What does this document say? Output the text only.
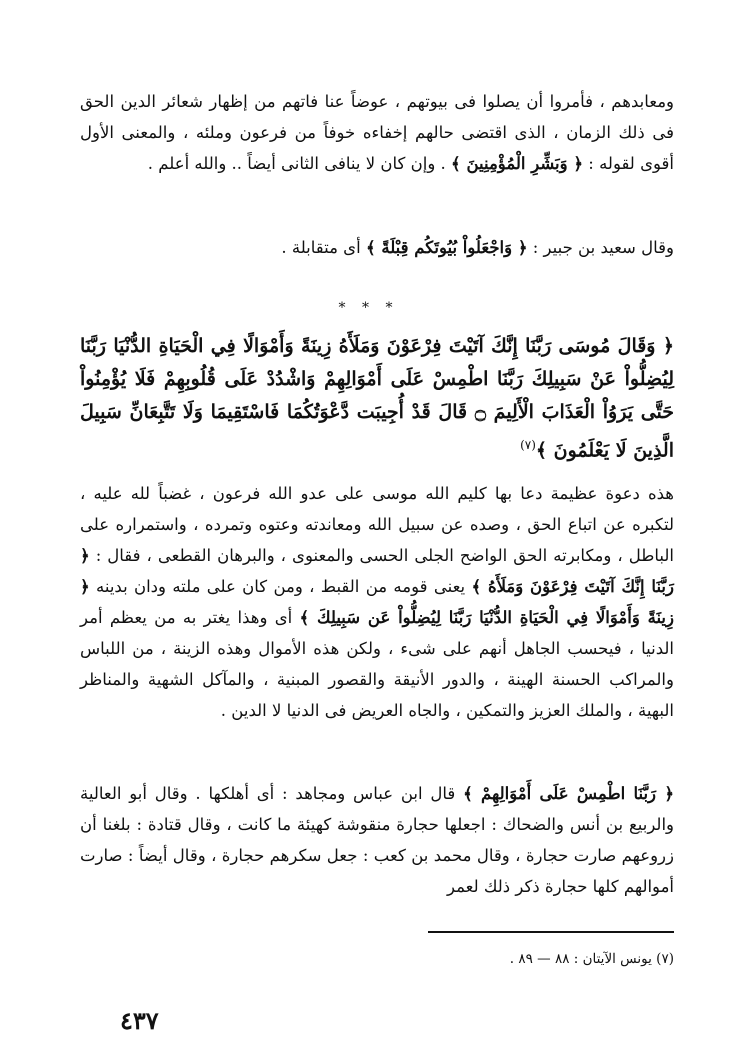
ومعابدهم ، فأمروا أن يصلوا فى بيوتهم ، عوضاً عنا فاتهم من إظهار شعائر الدين الحق فى ذلك الزمان ، الذى اقتضى حالهم إخفاءه خوفاً من فرعون وملئه ، والمعنى الأول أقوى لقوله : ﴿ وَبَشِّرِ الْمُؤْمِنِينَ ﴾ . وإن كان لا ينافى الثانى أيضاً .. والله أعلم .
وقال سعيد بن جبير : ﴿ وَاجْعَلُواْ بُيُوتَكُم قِبْلَةً ﴾ أى متقابلة .
* * *
﴿ وَقَالَ مُوسَى رَبَّنَا إِنَّكَ آتَيْتَ فِرْعَوْنَ وَمَلَأَهُ زِينَةً وَأَمْوَالًا فِي الْحَيَاةِ الدُّنْيَا رَبَّنَا لِيُضِلُّواْ عَنْ سَبِيلِكَ رَبَّنَا اطْمِسْ عَلَى أَمْوَالِهِمْ وَاشْدُدْ عَلَى قُلُوبِهِمْ فَلَا يُؤْمِنُواْ حَتَّى يَرَوُاْ الْعَذَابَ الْأَلِيمَ ۝ قَالَ قَدْ أُجِيبَت دَّعْوَتُكُمَا فَاسْتَقِيمَا وَلَا تَتَّبِعَانِّ سَبِيلَ الَّذِينَ لَا يَعْلَمُونَ ﴾$^{(٧)}$
هذه دعوة عظيمة دعا بها كليم الله موسى على عدو الله فرعون ، غضباً لله عليه ، لتكبره عن اتباع الحق ، وصده عن سبيل الله ومعاندته وعتوه وتمرده ، واستمراره على الباطل ، ومكابرته الحق الواضح الجلى الحسى والمعنوى ، والبرهان القطعى ، فقال : ﴿ رَبَّنَا إِنَّكَ آتَيْتَ فِرْعَوْنَ وَمَلَأَهُ ﴾ يعنى قومه من القبط ، ومن كان على ملته ودان بدينه ﴿ زِينَةً وَأَمْوَالًا فِي الْحَيَاةِ الدُّنْيَا رَبَّنَا لِيُضِلُّواْ عَن سَبِيلِكَ ﴾ أى وهذا يغتر به من يعظم أمر الدنيا ، فيحسب الجاهل أنهم على شىء ، ولكن هذه الأموال وهذه الزينة ، من اللباس والمراكب الحسنة الهينة ، والدور الأنيقة والقصور المبنية ، والمآكل الشهية والمناظر البهية ، والملك العزيز والتمكين ، والجاه العريض فى الدنيا لا الدين .
﴿ رَبَّنَا اطْمِسْ عَلَى أَمْوَالِهِمْ ﴾ قال ابن عباس ومجاهد : أى أهلكها . وقال أبو العالية والربيع بن أنس والضحاك : اجعلها حجارة منقوشة كهيئة ما كانت ، وقال قتادة : بلغنا أن زروعهم صارت حجارة ، وقال محمد بن كعب : جعل سكرهم حجارة ، وقال أيضاً : صارت أموالهم كلها حجارة ذكر ذلك لعمر
(٧) يونس الآيتان : ٨٨ — ٨٩ .
٤٣٧
